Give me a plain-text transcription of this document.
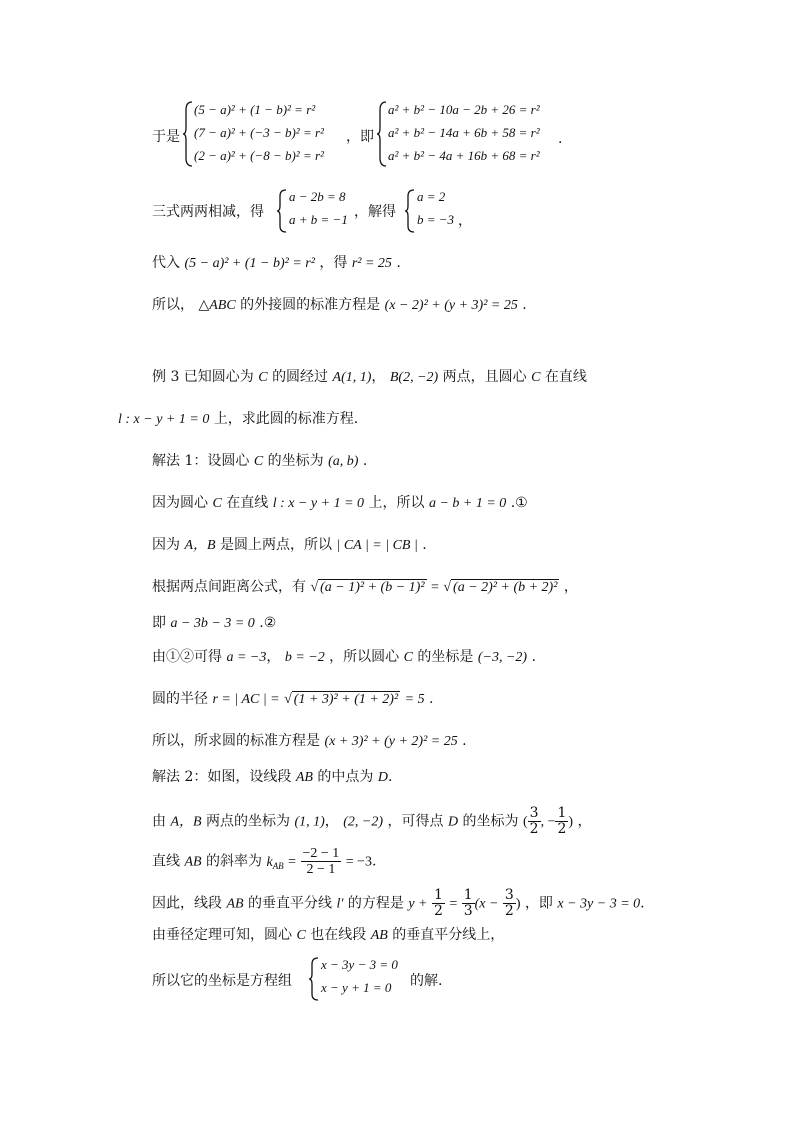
于是
(5 − a)² + (1 − b)² = r²
(7 − a)² + (−3 − b)² = r²
(2 − a)² + (−8 − b)² = r²
，即
a² + b² − 10a − 2b + 26 = r²
a² + b² − 14a + 6b + 58 = r²
a² + b² − 4a + 16b + 68 = r²
.
三式两两相减，得
a − 2b = 8
a + b = −1 ，解得
a = 2
b = −3 ，
代入 (5 − a)² + (1 − b)² = r² ，得 r² = 25 .
所以， △ABC 的外接圆的标准方程是 (x − 2)² + (y + 3)² = 25 .
例 3 已知圆心为 C 的圆经过 A(1, 1)， B(2, −2) 两点，且圆心 C 在直线
l : x − y + 1 = 0 上，求此圆的标准方程.
解法 1：设圆心 C 的坐标为 (a, b) .
因为圆心 C 在直线 l : x − y + 1 = 0 上，所以 a − b + 1 = 0 .①
因为 A，B 是圆上两点，所以 | CA | = | CB | .
根据两点间距离公式，有 √ (a − 1)² + (b − 1)² = √ (a − 2)² + (b + 2)² ，
即 a − 3b − 3 = 0 .②
由①②可得 a = −3， b = −2 ，所以圆心 C 的坐标是 (−3, −2) .
圆的半径 r = | AC | = √ (1 + 3)² + (1 + 2)² = 5 .
所以，所求圆的标准方程是 (x + 3)² + (y + 2)² = 25 .
解法 2：如图，设线段 AB 的中点为 D.
由 A，B 两点的坐标为 (1, 1)， (2, −2) ，可得点 D 的坐标为 ( $\frac{3}{2}$ , − $\frac{1}{2}$ ) ，
直线 AB 的斜率为 $k_{AB} = \frac{-2 - 1}{2 - 1} = -3$.
因此，线段 AB 的垂直平分线 l′ 的方程是 $y + \frac{1}{2} = \frac{1}{3} (x - \frac{3}{2}$ ) ，即 x − 3y − 3 = 0.
由垂径定理可知，圆心 C 也在线段 AB 的垂直平分线上，
所以它的坐标是方程组
x − 3y − 3 = 0
x − y + 1 = 0 的解.
